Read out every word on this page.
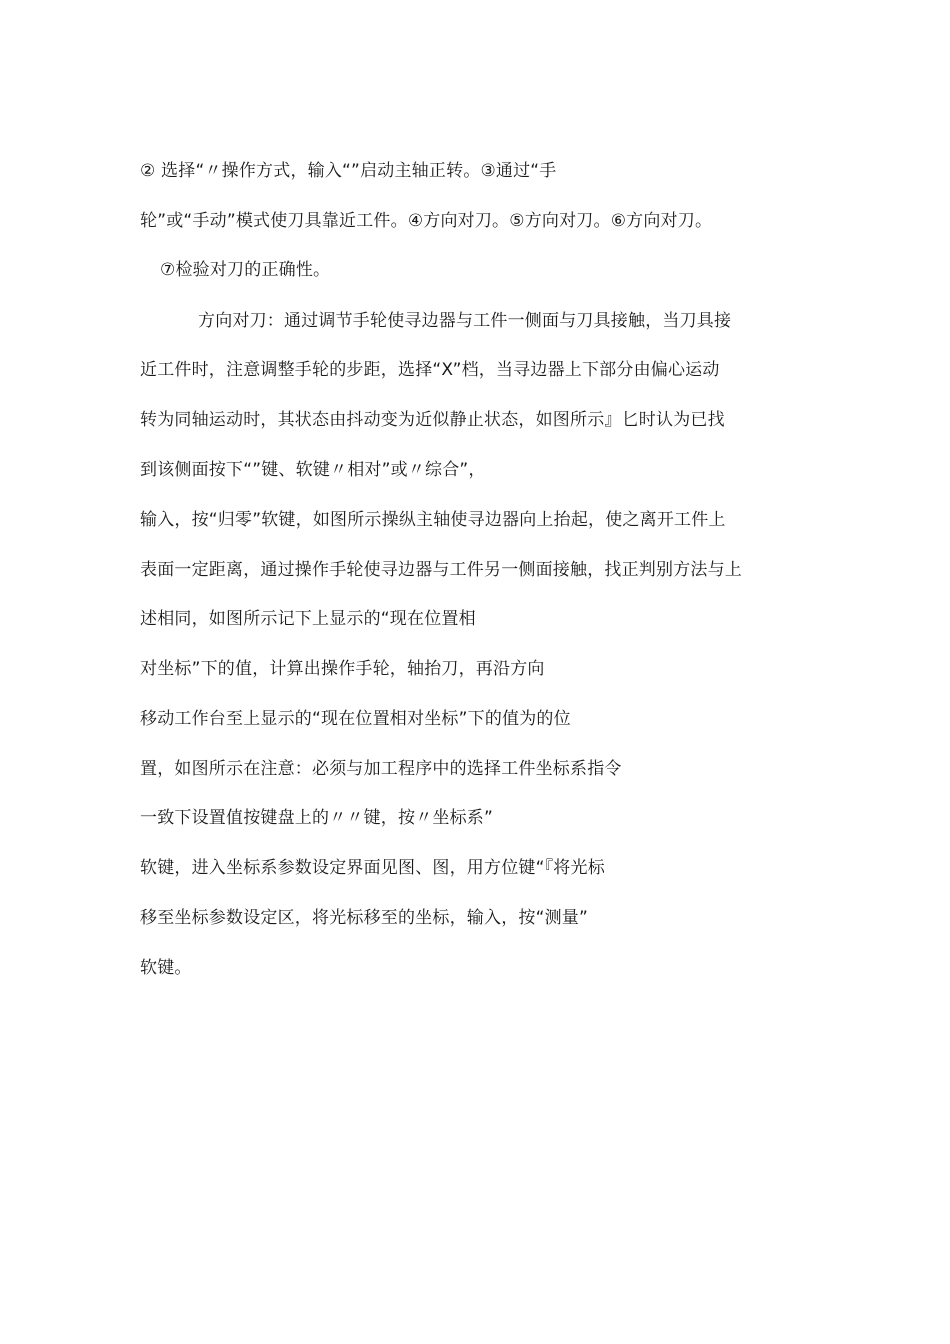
② 选择“〃操作方式，输入“”启动主轴正转。③通过“手
轮”或“手动”模式使刀具靠近工件。④方向对刀。⑤方向对刀。⑥方向对刀。
⑦检验对刀的正确性。
方向对刀：通过调节手轮使寻边器与工件一侧面与刀具接触，当刀具接
近工件时，注意调整手轮的步距，选择“X”档，当寻边器上下部分由偏心运动
转为同轴运动时，其状态由抖动变为近似静止状态，如图所示』匕时认为已找
到该侧面按下“”键、软键〃相对”或〃综合”，
输入，按“归零”软键，如图所示操纵主轴使寻边器向上抬起，使之离开工件上
表面一定距离，通过操作手轮使寻边器与工件另一侧面接触，找正判别方法与上
述相同，如图所示记下上显示的“现在位置相
对坐标”下的值，计算出操作手轮，轴抬刀，再沿方向
移动工作台至上显示的“现在位置相对坐标”下的值为的位
置，如图所示在注意：必须与加工程序中的选择工件坐标系指令
一致下设置值按键盘上的〃〃键，按〃坐标系”
软键，进入坐标系参数设定界面见图、图，用方位键“『将光标
移至坐标参数设定区，将光标移至的坐标，输入，按“测量”
软键。
